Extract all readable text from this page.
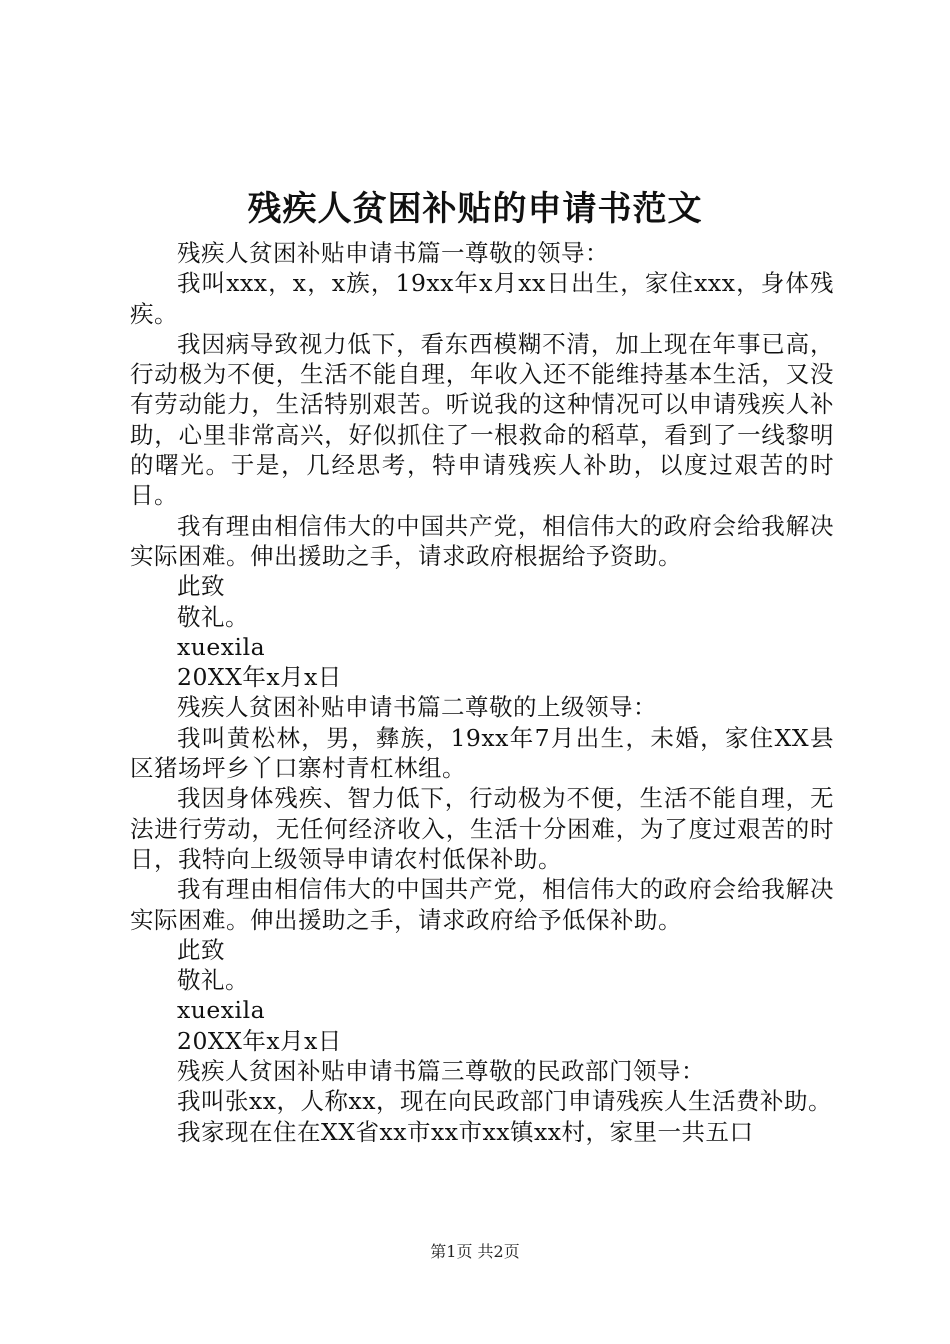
残疾人贫困补贴的申请书范文

残疾人贫困补贴申请书篇一尊敬的领导：

我叫xxx，x，x族，19xx年x月xx日出生，家住xxx，身体残疾。

我因病导致视力低下，看东西模糊不清，加上现在年事已高，行动极为不便，生活不能自理，年收入还不能维持基本生活，又没有劳动能力，生活特别艰苦。听说我的这种情况可以申请残疾人补助，心里非常高兴，好似抓住了一根救命的稻草，看到了一线黎明的曙光。于是，几经思考，特申请残疾人补助，以度过艰苦的时日。

我有理由相信伟大的中国共产党，相信伟大的政府会给我解决实际困难。伸出援助之手，请求政府根据给予资助。

此致

敬礼。

xuexila

20XX年x月x日

残疾人贫困补贴申请书篇二尊敬的上级领导：

我叫黄松林，男，彝族，19xx年7月出生，未婚，家住XX县区猪场坪乡丫口寨村青杠林组。

我因身体残疾、智力低下，行动极为不便，生活不能自理，无法进行劳动，无任何经济收入，生活十分困难，为了度过艰苦的时日，我特向上级领导申请农村低保补助。

我有理由相信伟大的中国共产党，相信伟大的政府会给我解决实际困难。伸出援助之手，请求政府给予低保补助。

此致

敬礼。

xuexila

20XX年x月x日

残疾人贫困补贴申请书篇三尊敬的民政部门领导：

我叫张xx，人称xx，现在向民政部门申请残疾人生活费补助。

我家现在住在XX省xx市xx市xx镇xx村，家里一共五口

第1页 共2页
